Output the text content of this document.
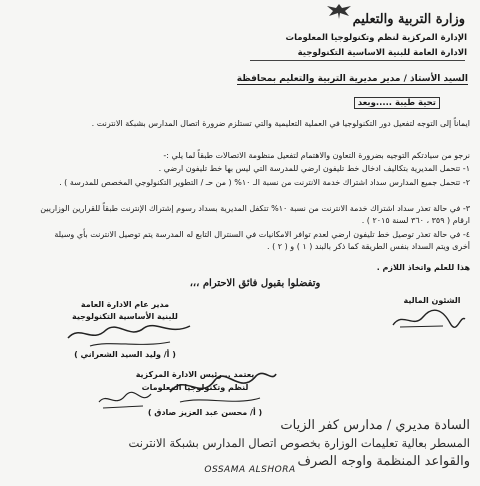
وزارة التربية والتعليم
الإدارة المركزية لنظم وتكنولوجيا المعلومات
الادارة العامة للبنية الاساسية التكنولوجية
السيد الأستاذ / مدير مديرية التربية والتعليم بمحافظة
تحية طيبة .....وبعد
ايماناً إلى التوجه لتفعيل دور التكنولوجيا في العملية التعليمية والتي تستلزم ضرورة اتصال المدارس بشبكة الانترنت .
نرجو من سيادتكم التوجيه بضرورة التعاون والاهتمام لتفعيل منظومة الاتصالات طبقاً لما يلي :-
١- تتحمل المديرية بتكاليف ادخال خط تليفون ارضي للمدرسة التي ليس بها خط تليفون ارضي .
٢- تتحمل جميع المدارس سداد اشتراك خدمة الانترنت من نسبة الـ ١٠% ( من حـ / التطوير التكنولوجي المخصص للمدرسة ) .
٣- في حالة تعذر سداد اشتراك خدمة الانترنت من نسبة ١٠% تتكفل المديرية بسداد رسوم إشتراك الإنترنت طبقاً للقرارين الوزاريين ارقام ( ٣٥٩ ، ٣٦٠ لسنة ٢٠١٥ ) .
٤- في حالة تعذر توصيل خط تليفون ارضي لعدم توافر الامكانيات في السنترال التابع له المدرسة يتم توصيل الانترنت بأي وسيلة أخرى ويتم السداد بنفس الطريقة كما ذكر بالبند ( ١ ) و ( ٢ ) .
هذا للعلم واتخاذ اللازم .
وتفضلوا بقبول فائق الاحترام ،،،
الشئون المالية
مدير عام الادارة العامة
للبنية الأساسية التكنولوجية
( أ/ وليد السيد الشعراني )
يعتمد .. رئيس الادارة المركزية
لنظم وتكنولوجيا المعلومات
( أ/ محسن عبد العزيز صادق )
السادة مديري / مدارس كفر الزيات
المسطر بعالية تعليمات الوزارة بخصوص اتصال المدارس بشبكة الانترنت
والقواعد المنظمة واوجه الصرف
OSSAMA ALSHORA
